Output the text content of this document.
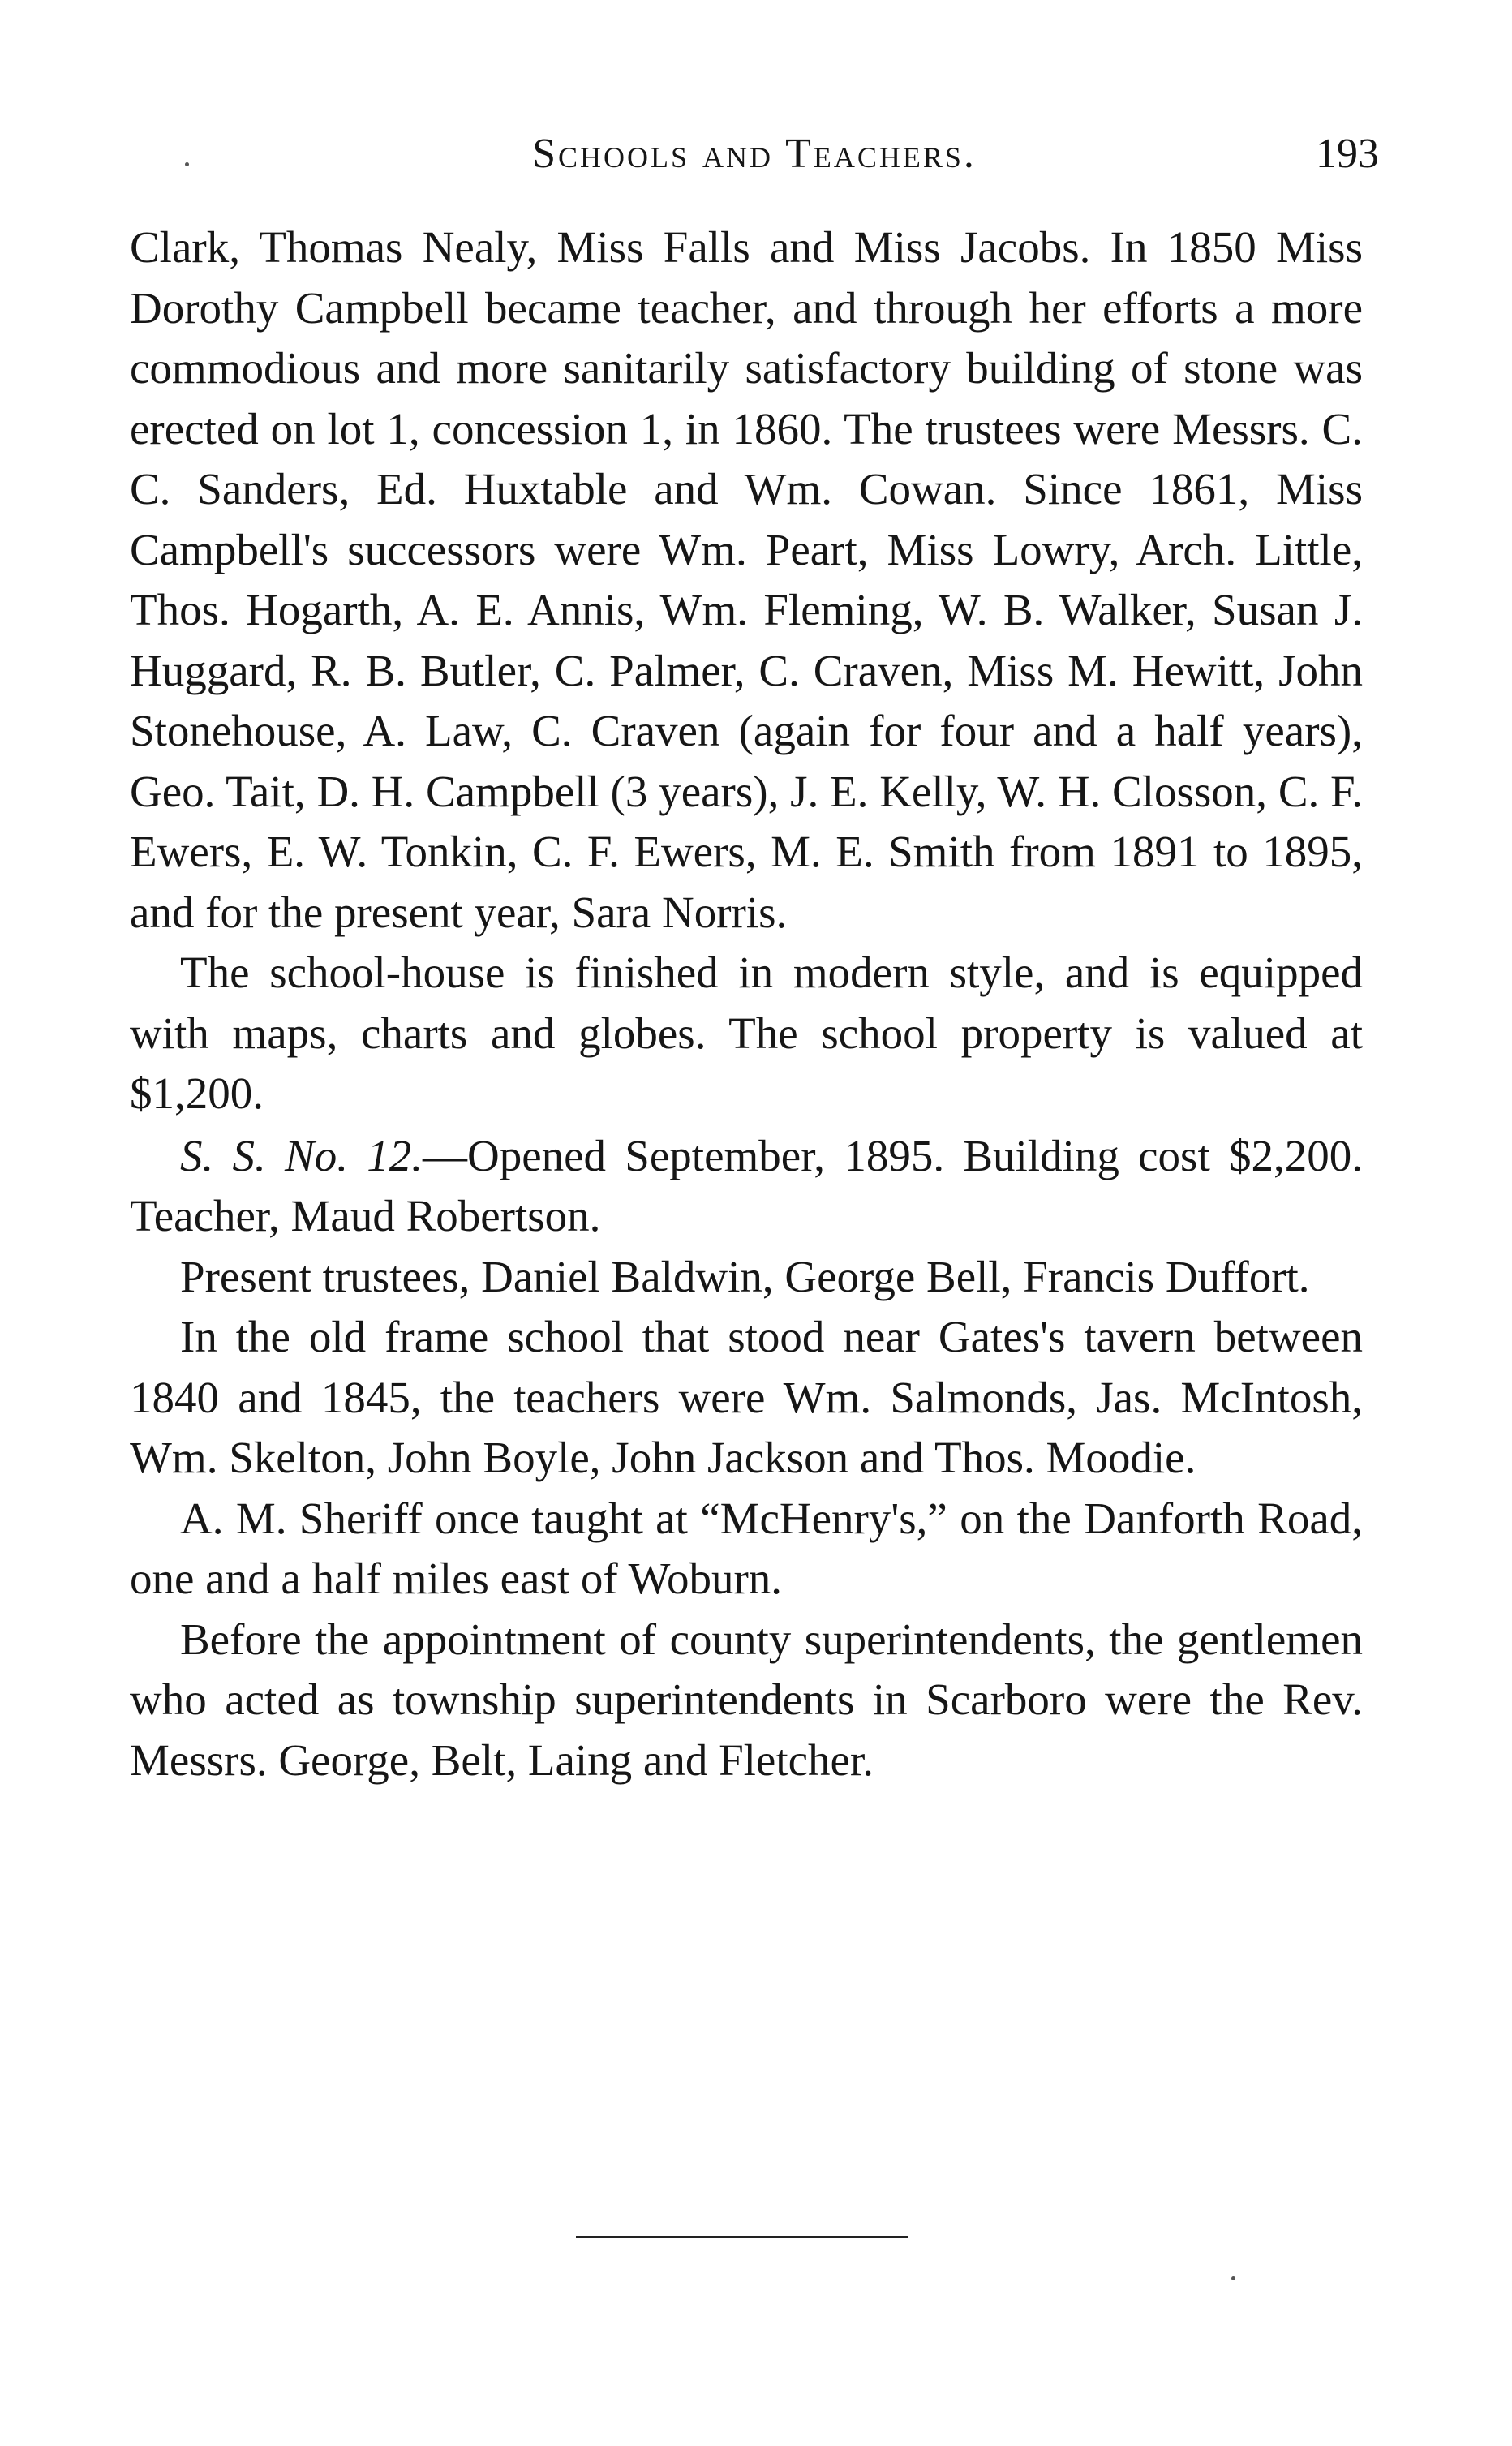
Schools and Teachers.	193

Clark, Thomas Nealy, Miss Falls and Miss Jacobs. In 1850 Miss Dorothy Campbell became teacher, and through her efforts a more commodious and more sanitarily satisfactory building of stone was erected on lot 1, concession 1, in 1860. The trustees were Messrs. C. C. Sanders, Ed. Huxtable and Wm. Cowan. Since 1861, Miss Campbell's successors were Wm. Peart, Miss Lowry, Arch. Little, Thos. Hogarth, A. E. Annis, Wm. Fleming, W. B. Walker, Susan J. Huggard, R. B. Butler, C. Palmer, C. Craven, Miss M. Hewitt, John Stonehouse, A. Law, C. Craven (again for four and a half years), Geo. Tait, D. H. Campbell (3 years), J. E. Kelly, W. H. Closson, C. F. Ewers, E. W. Tonkin, C. F. Ewers, M. E. Smith from 1891 to 1895, and for the present year, Sara Norris.

The school-house is finished in modern style, and is equipped with maps, charts and globes. The school property is valued at $1,200.

S. S. No. 12.—Opened September, 1895. Building cost $2,200. Teacher, Maud Robertson.

Present trustees, Daniel Baldwin, George Bell, Francis Duffort.

In the old frame school that stood near Gates's tavern between 1840 and 1845, the teachers were Wm. Salmonds, Jas. McIntosh, Wm. Skelton, John Boyle, John Jackson and Thos. Moodie.

A. M. Sheriff once taught at “McHenry's,” on the Danforth Road, one and a half miles east of Woburn.

Before the appointment of county superintendents, the gentlemen who acted as township superintendents in Scarboro were the Rev. Messrs. George, Belt, Laing and Fletcher.
